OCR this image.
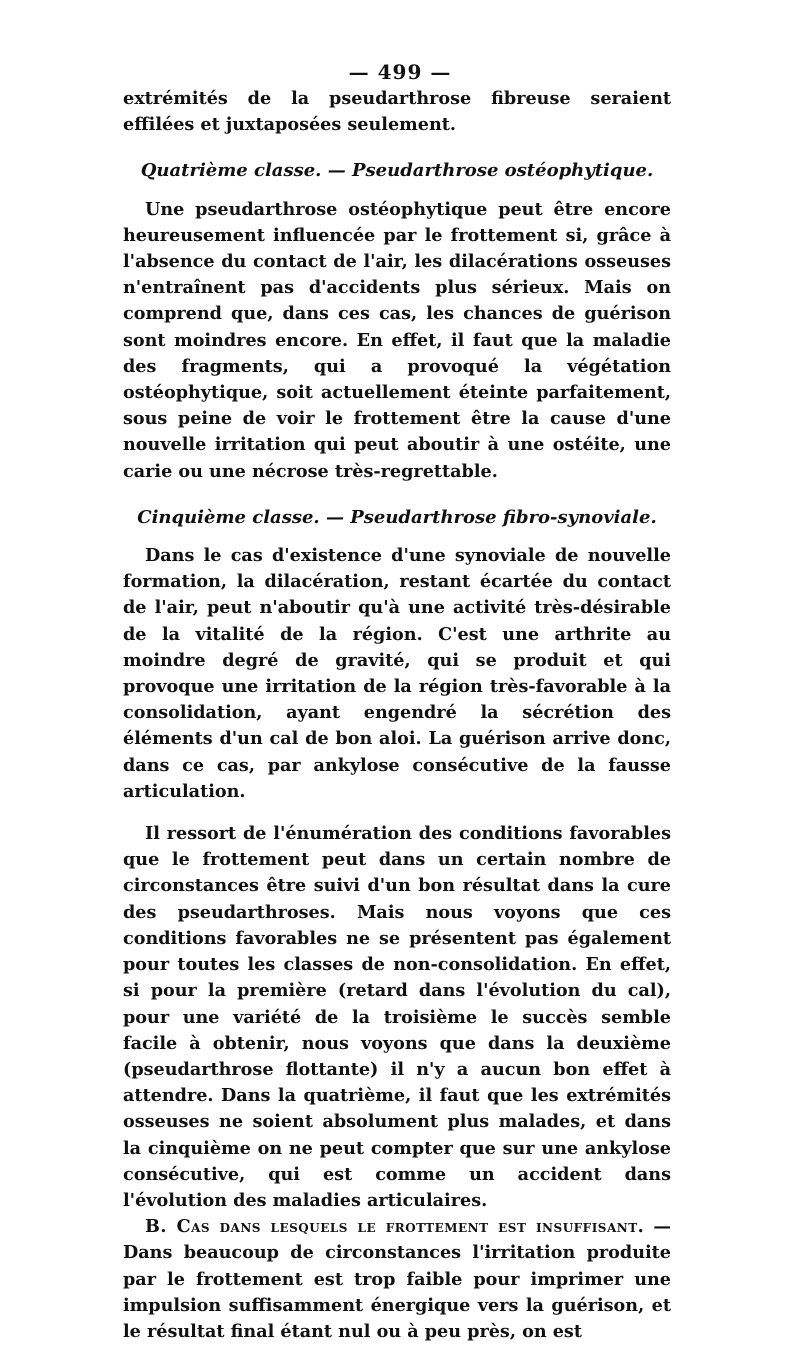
— 499 —

extrémités de la pseudarthrose fibreuse seraient effilées et juxtaposées seulement.

Quatrième classe. — Pseudarthrose ostéophytique.

Une pseudarthrose ostéophytique peut être encore heureusement influencée par le frottement si, grâce à l'absence du contact de l'air, les dilacérations osseuses n'entraînent pas d'accidents plus sérieux. Mais on comprend que, dans ces cas, les chances de guérison sont moindres encore. En effet, il faut que la maladie des fragments, qui a provoqué la végétation ostéophytique, soit actuellement éteinte parfaitement, sous peine de voir le frottement être la cause d'une nouvelle irritation qui peut aboutir à une ostéite, une carie ou une nécrose très-regrettable.

Cinquième classe. — Pseudarthrose fibro-synoviale.

Dans le cas d'existence d'une synoviale de nouvelle formation, la dilacération, restant écartée du contact de l'air, peut n'aboutir qu'à une activité très-désirable de la vitalité de la région. C'est une arthrite au moindre degré de gravité, qui se produit et qui provoque une irritation de la région très-favorable à la consolidation, ayant engendré la sécrétion des éléments d'un cal de bon aloi. La guérison arrive donc, dans ce cas, par ankylose consécutive de la fausse articulation.

Il ressort de l'énumération des conditions favorables que le frottement peut dans un certain nombre de circonstances être suivi d'un bon résultat dans la cure des pseudarthroses. Mais nous voyons que ces conditions favorables ne se présentent pas également pour toutes les classes de non-consolidation. En effet, si pour la première (retard dans l'évolution du cal), pour une variété de la troisième le succès semble facile à obtenir, nous voyons que dans la deuxième (pseudarthrose flottante) il n'y a aucun bon effet à attendre. Dans la quatrième, il faut que les extrémités osseuses ne soient absolument plus malades, et dans la cinquième on ne peut compter que sur une ankylose consécutive, qui est comme un accident dans l'évolution des maladies articulaires.

B. Cas dans lesquels le frottement est insuffisant. — Dans beaucoup de circonstances l'irritation produite par le frottement est trop faible pour imprimer une impulsion suffisamment énergique vers la guérison, et le résultat final étant nul ou à peu près, on est
